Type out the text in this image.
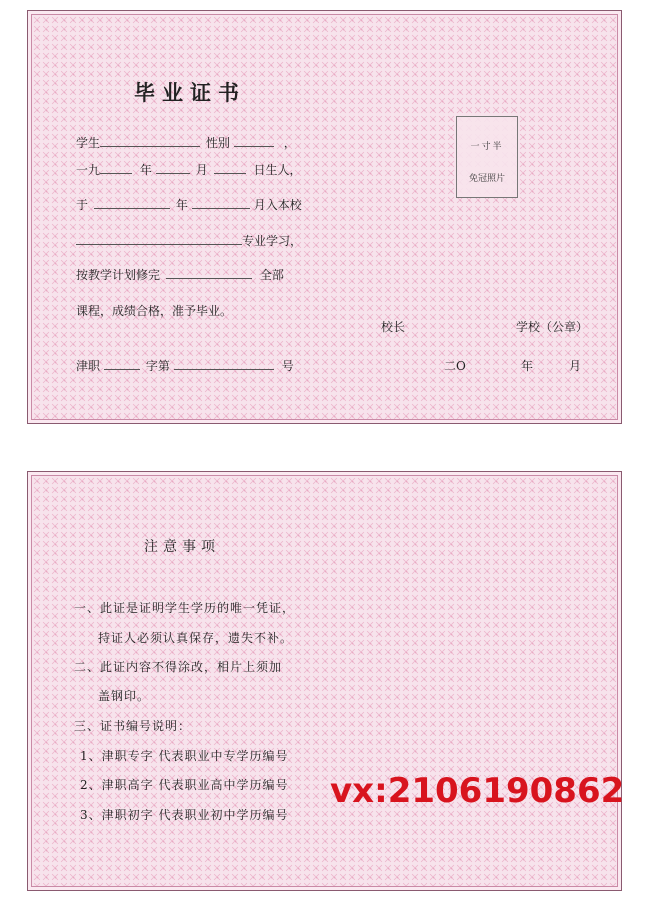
毕业证书
学生	性别	，
一九	年	月	日生人，
于	年	月入本校
专业学习，
按教学计划修完	全部
课程，成绩合格，准予毕业。
校长	学校（公章）
津职	字第	号	二O	年	月
一寸半
免冠照片
注意事项
一、此证是证明学生学历的唯一凭证，
持证人必须认真保存，遗失不补。
二、此证内容不得涂改，相片上须加
盖钢印。
三、证书编号说明：
1、津职专字 代表职业中专学历编号
2、津职高字 代表职业高中学历编号
3、津职初字 代表职业初中学历编号
vx:2106190862
